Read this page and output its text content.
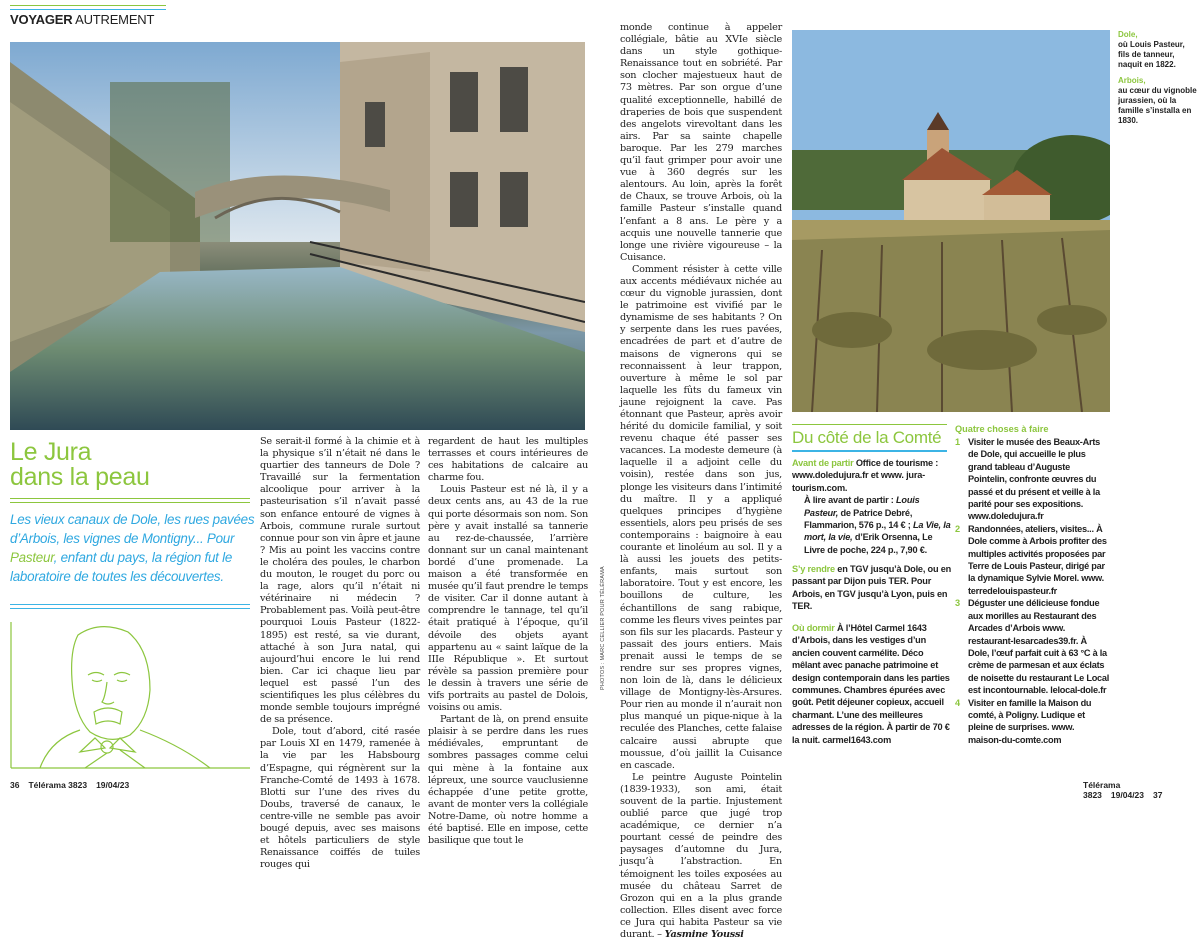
VOYAGER AUTREMENT
Dole,
où Louis Pasteur, fils de tanneur, naquit en 1822.
Arbois,
au cœur du vignoble jurassien, où la famille s’installa en 1830.
Le Jura
dans la peau
Les vieux canaux de Dole, les rues pavées d’Arbois, les vignes de Montigny... Pour Pasteur, enfant du pays, la région fut le laboratoire de toutes les découvertes.

Se serait-il formé à la chimie et à la physique s’il n’était né dans le quartier des tanneurs de Dole ? Travaillé sur la fermentation alcoolique pour arriver à la pasteurisation s’il n’avait passé son enfance entouré de vignes à Arbois, commune rurale surtout connue pour son vin âpre et jaune ? Mis au point les vaccins contre le choléra des poules, le charbon du mouton, le rouget du porc ou la rage, alors qu’il n’était ni vétérinaire ni médecin ? Probablement pas. Voilà peut-être pourquoi Louis Pasteur (1822-1895) est resté, sa vie durant, attaché à son Jura natal, qui aujourd’hui encore le lui rend bien. Car ici chaque lieu par lequel est passé l’un des scientifiques les plus célèbres du monde semble toujours imprégné de sa présence.

Dole, tout d’abord, cité rasée par Louis XI en 1479, ramenée à la vie par les Habsbourg d’Espagne, qui régnèrent sur la Franche-Comté de 1493 à 1678. Blotti sur l’une des rives du Doubs, traversé de canaux, le centre-ville ne semble pas avoir bougé depuis, avec ses maisons et hôtels particuliers de style Renaissance coiffés de tuiles rouges qui

regardent de haut les multiples terrasses et cours intérieures de ces habitations de calcaire au charme fou.

Louis Pasteur est né là, il y a deux cents ans, au 43 de la rue qui porte désormais son nom. Son père y avait installé sa tannerie au rez-de-chaussée, l’arrière donnant sur un canal maintenant bordé d’une promenade. La maison a été transformée en musée qu’il faut prendre le temps de visiter. Car il donne autant à comprendre le tannage, tel qu’il était pratiqué à l’époque, qu’il dévoile des objets ayant appartenu au « saint laïque de la IIIe République ». Et surtout révèle sa passion première pour le dessin à travers une série de vifs portraits au pastel de Dolois, voisins ou amis.

Partant de là, on prend ensuite plaisir à se perdre dans les rues médiévales, empruntant de sombres passages comme celui qui mène à la fontaine aux lépreux, une source vauclusienne échappée d’une petite grotte, avant de monter vers la collégiale Notre-Dame, où notre homme a été baptisé. Elle en impose, cette basilique que tout le

monde continue à appeler collégiale, bâtie au XVIe siècle dans un style gothique-Renaissance tout en sobriété. Par son clocher majestueux haut de 73 mètres. Par son orgue d’une qualité exceptionnelle, habillé de draperies de bois que suspendent des angelots virevoltant dans les airs. Par sa sainte chapelle baroque. Par les 279 marches qu’il faut grimper pour avoir une vue à 360 degrés sur les alentours. Au loin, après la forêt de Chaux, se trouve Arbois, où la famille Pasteur s’installe quand l’enfant a 8 ans. Le père y a acquis une nouvelle tannerie que longe une rivière vigoureuse – la Cuisance.

Comment résister à cette ville aux accents médiévaux nichée au cœur du vignoble jurassien, dont le patrimoine est vivifié par le dynamisme de ses habitants ? On y serpente dans les rues pavées, encadrées de part et d’autre de maisons de vignerons qui se reconnaissent à leur trappon, ouverture à même le sol par laquelle les fûts du fameux vin jaune rejoignent la cave. Pas étonnant que Pasteur, après avoir hérité du domicile familial, y soit revenu chaque été passer ses vacances. La modeste demeure (à laquelle il a adjoint celle du voisin), restée dans son jus, plonge les visiteurs dans l’intimité du maître. Il y a appliqué quelques principes d’hygiène essentiels, alors peu prisés de ses contemporains : baignoire à eau courante et linoléum au sol. Il y a là aussi les jouets des petits-enfants, mais surtout son laboratoire. Tout y est encore, les bouillons de culture, les échantillons de sang rabique, comme les fleurs vives peintes par son fils sur les placards. Pasteur y passait des jours entiers. Mais prenait aussi le temps de se rendre sur ses propres vignes, non loin de là, dans le délicieux village de Montigny-lès-Arsures. Pour rien au monde il n’aurait non plus manqué un pique-nique à la reculée des Planches, cette falaise calcaire aussi abrupte que moussue, d’où jaillit la Cuisance en cascade.

Le peintre Auguste Pointelin (1839-1933), son ami, était souvent de la partie. Injustement oublié parce que jugé trop académique, ce dernier n’a pourtant cessé de peindre des paysages d’automne du Jura, jusqu’à l’abstraction. En témoignent les toiles exposées au musée du château Sarret de Grozon qui en a la plus grande collection. Elles disent avec force ce Jura qui habita Pasteur sa vie durant. – Yasmine Youssi

PHOTOS : MARC CELLIER POUR TÉLÉRAMA
Du côté de la Comté
Avant de partir Office de tourisme : www.doledujura.fr et www. jura-tourism.com.
À lire avant de partir : Louis Pasteur, de Patrice Debré, Flammarion, 576 p., 14 € ; La Vie, la mort, la vie, d’Erik Orsenna, Le Livre de poche, 224 p., 7,90 €.
S’y rendre en TGV jusqu’à Dole, ou en passant par Dijon puis TER. Pour Arbois, en TGV jusqu’à Lyon, puis en TER.
Où dormir À l’Hôtel Carmel 1643 d’Arbois, dans les vestiges d’un ancien couvent carmélite. Déco mêlant avec panache patrimoine et design contemporain dans les parties communes. Chambres épurées avec goût. Petit déjeuner copieux, accueil charmant. L’une des meilleures adresses de la région. À partir de 70 € la nuit. carmel1643.com
Quatre choses à faire
1 Visiter le musée des Beaux-Arts de Dole, qui accueille le plus grand tableau d’Auguste Pointelin, confronte œuvres du passé et du présent et veille à la parité pour ses expositions. www.doledujura.fr
2 Randonnées, ateliers, visites... À Dole comme à Arbois profiter des multiples activités proposées par Terre de Louis Pasteur, dirigé par la dynamique Sylvie Morel. www. terredelouispasteur.fr
3 Déguster une délicieuse fondue aux morilles au Restaurant des Arcades d’Arbois www. restaurant-lesarcades39.fr. À Dole, l’œuf parfait cuit à 63 °C à la crème de parmesan et aux éclats de noisette du restaurant Le Local est incontournable. lelocal-dole.fr
4 Visiter en famille la Maison du comté, à Poligny. Ludique et pleine de surprises. www. maison-du-comte.com
36 Télérama 3823 19/04/23	Télérama 3823 19/04/23 37
